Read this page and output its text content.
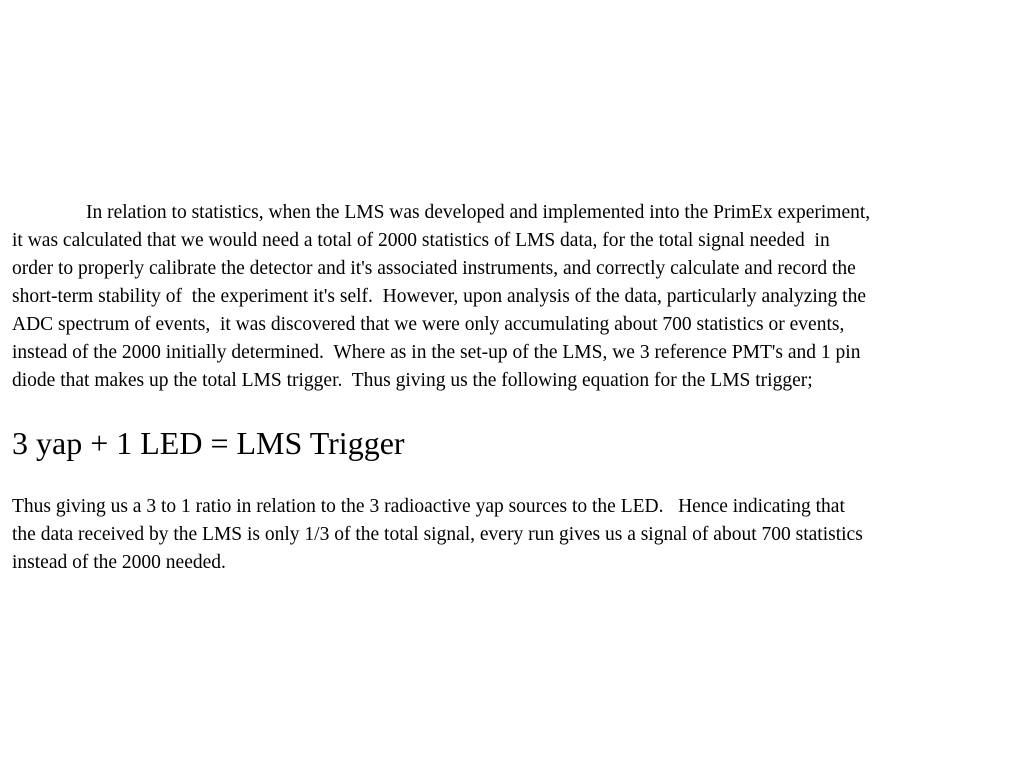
In relation to statistics, when the LMS was developed and implemented into the PrimEx experiment,
it was calculated that we would need a total of 2000 statistics of LMS data, for the total signal needed  in
order to properly calibrate the detector and it's associated instruments, and correctly calculate and record the
short-term stability of  the experiment it's self.  However, upon analysis of the data, particularly analyzing the
ADC spectrum of events,  it was discovered that we were only accumulating about 700 statistics or events,
instead of the 2000 initially determined.  Where as in the set-up of the LMS, we 3 reference PMT's and 1 pin
diode that makes up the total LMS trigger.  Thus giving us the following equation for the LMS trigger;
3 yap + 1 LED = LMS Trigger
Thus giving us a 3 to 1 ratio in relation to the 3 radioactive yap sources to the LED.   Hence indicating that
the data received by the LMS is only 1/3 of the total signal, every run gives us a signal of about 700 statistics
instead of the 2000 needed.
